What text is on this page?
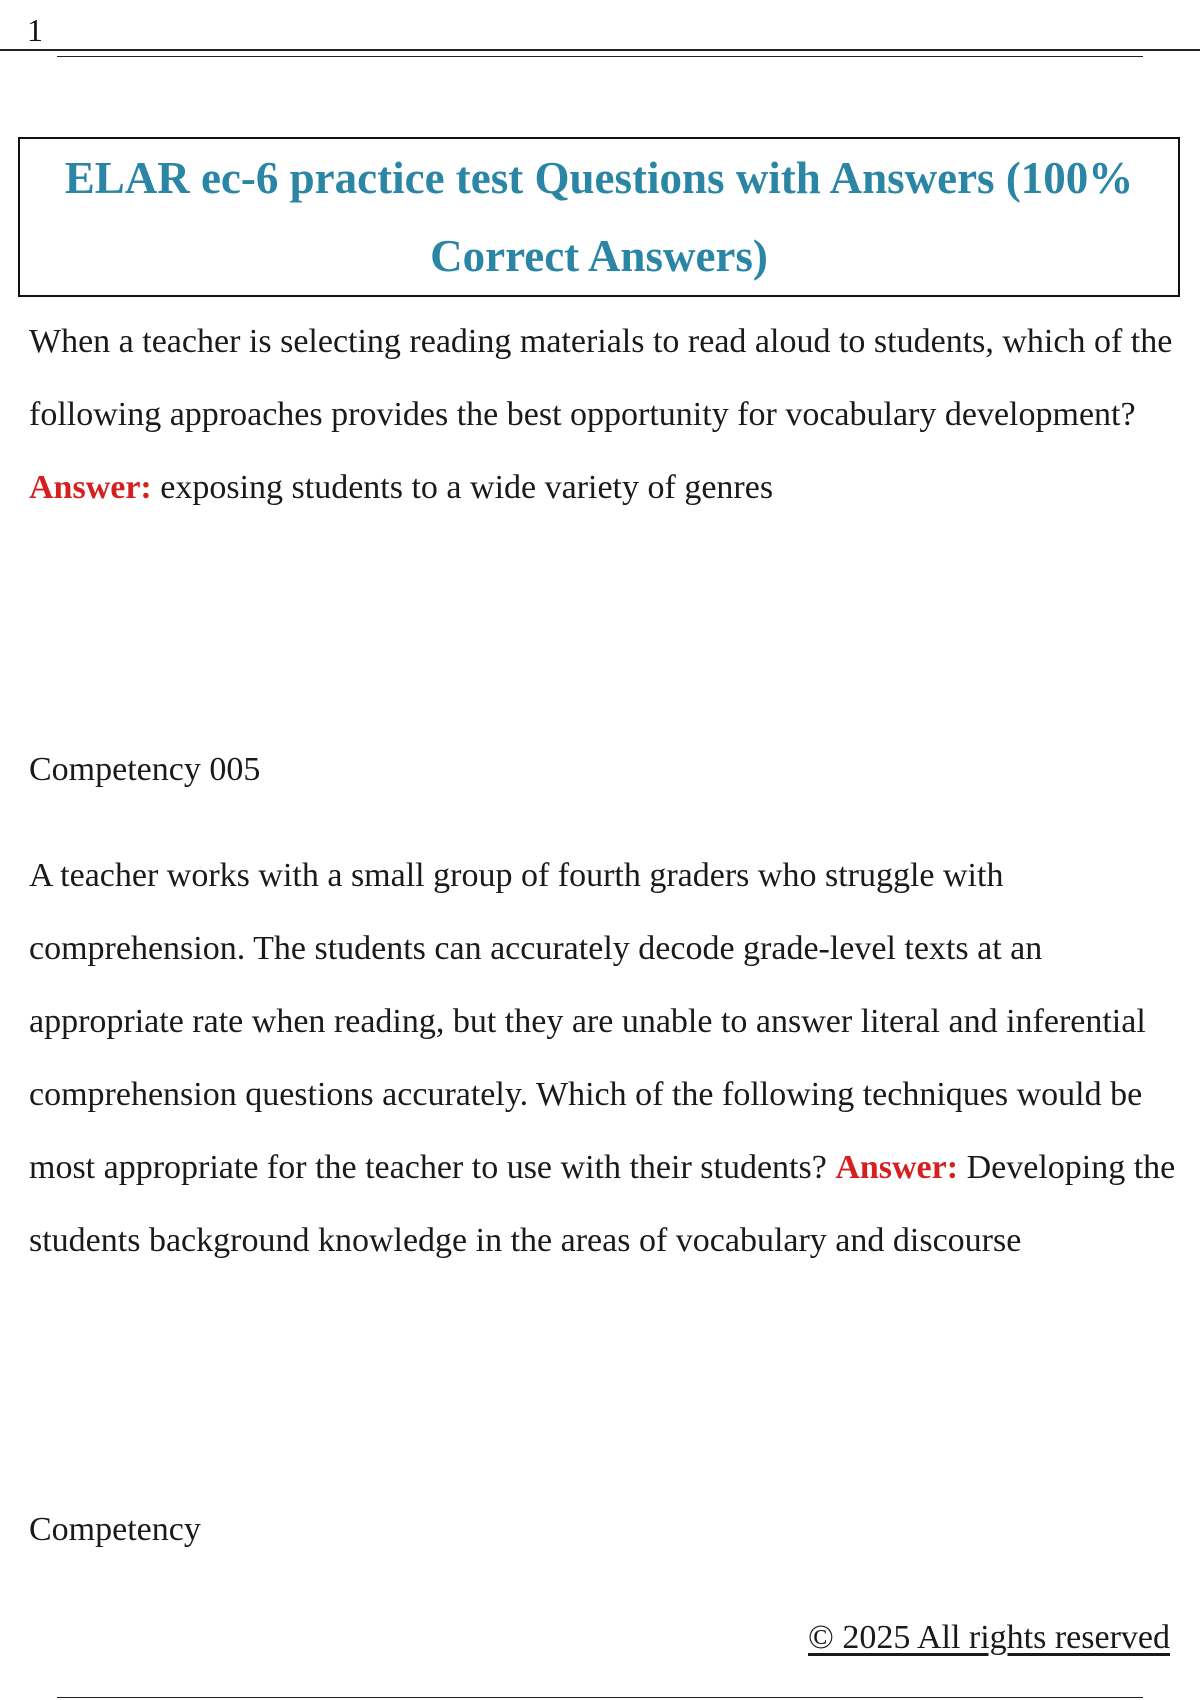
1
ELAR ec-6 practice test Questions with Answers (100% Correct Answers)

When a teacher is selecting reading materials to read aloud to students, which of the following approaches provides the best opportunity for vocabulary development? Answer: exposing students to a wide variety of genres

Competency 005

A teacher works with a small group of fourth graders who struggle with comprehension. The students can accurately decode grade-level texts at an appropriate rate when reading, but they are unable to answer literal and inferential comprehension questions accurately. Which of the following techniques would be most appropriate for the teacher to use with their students? Answer: Developing the students background knowledge in the areas of vocabulary and discourse

Competency
© 2025 All rights reserved
